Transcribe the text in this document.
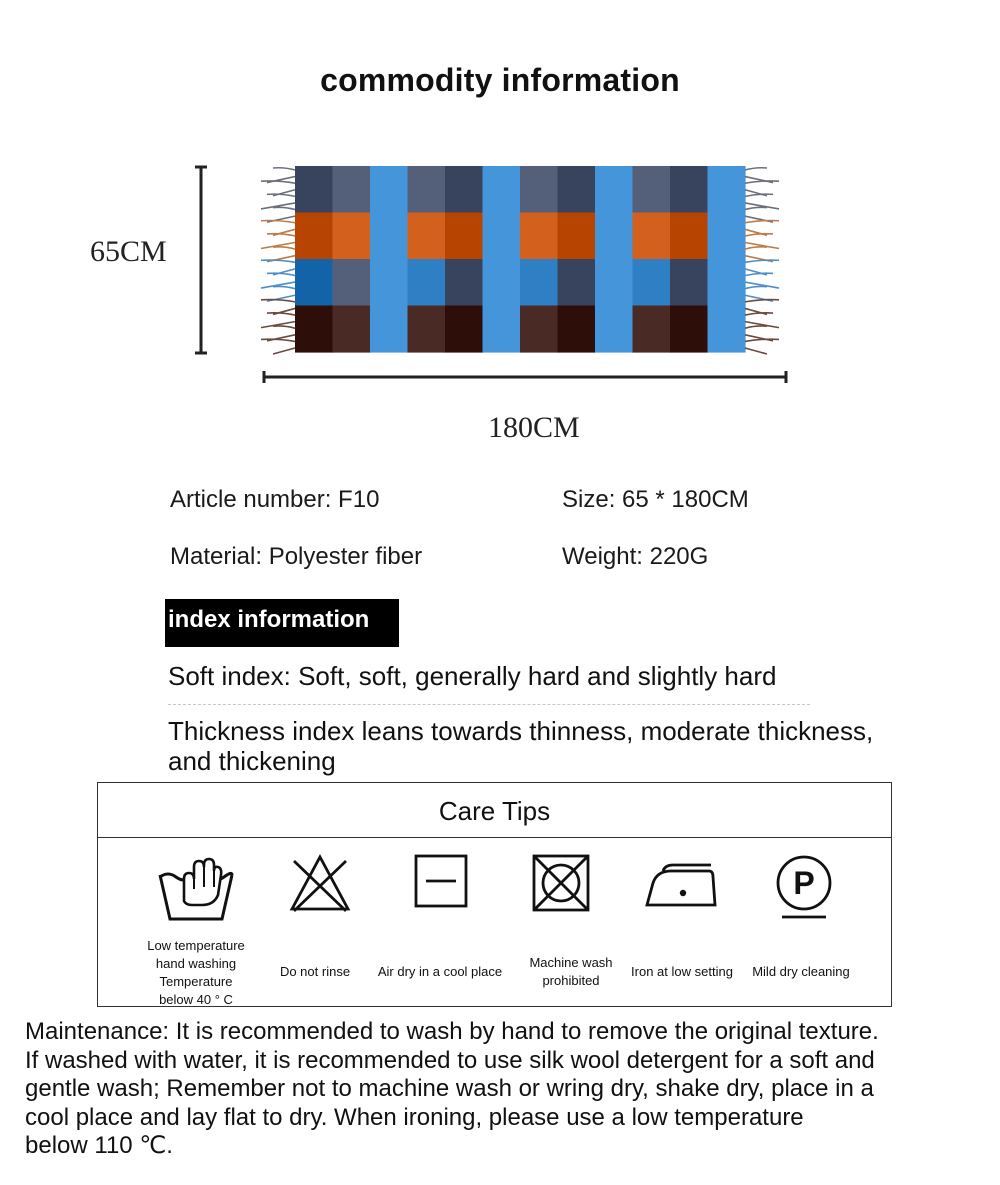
commodity information
65CM
180CM
Article number: F10	Size: 65 * 180CM
Material: Polyester fiber	Weight: 220G
index information
Soft index: Soft, soft, generally hard and slightly hard
Thickness index leans towards thinness, moderate thickness,
and thickening
Care Tips
Low temperature
hand washing
Temperature
below 40 ° C
Do not rinse	Air dry in a cool place
Machine wash
prohibited
Iron at low setting
P
Mild dry cleaning
Maintenance: It is recommended to wash by hand to remove the original texture.
If washed with water, it is recommended to use silk wool detergent for a soft and
gentle wash; Remember not to machine wash or wring dry, shake dry, place in a
cool place and lay flat to dry. When ironing, please use a low temperature
below 110 ℃.
